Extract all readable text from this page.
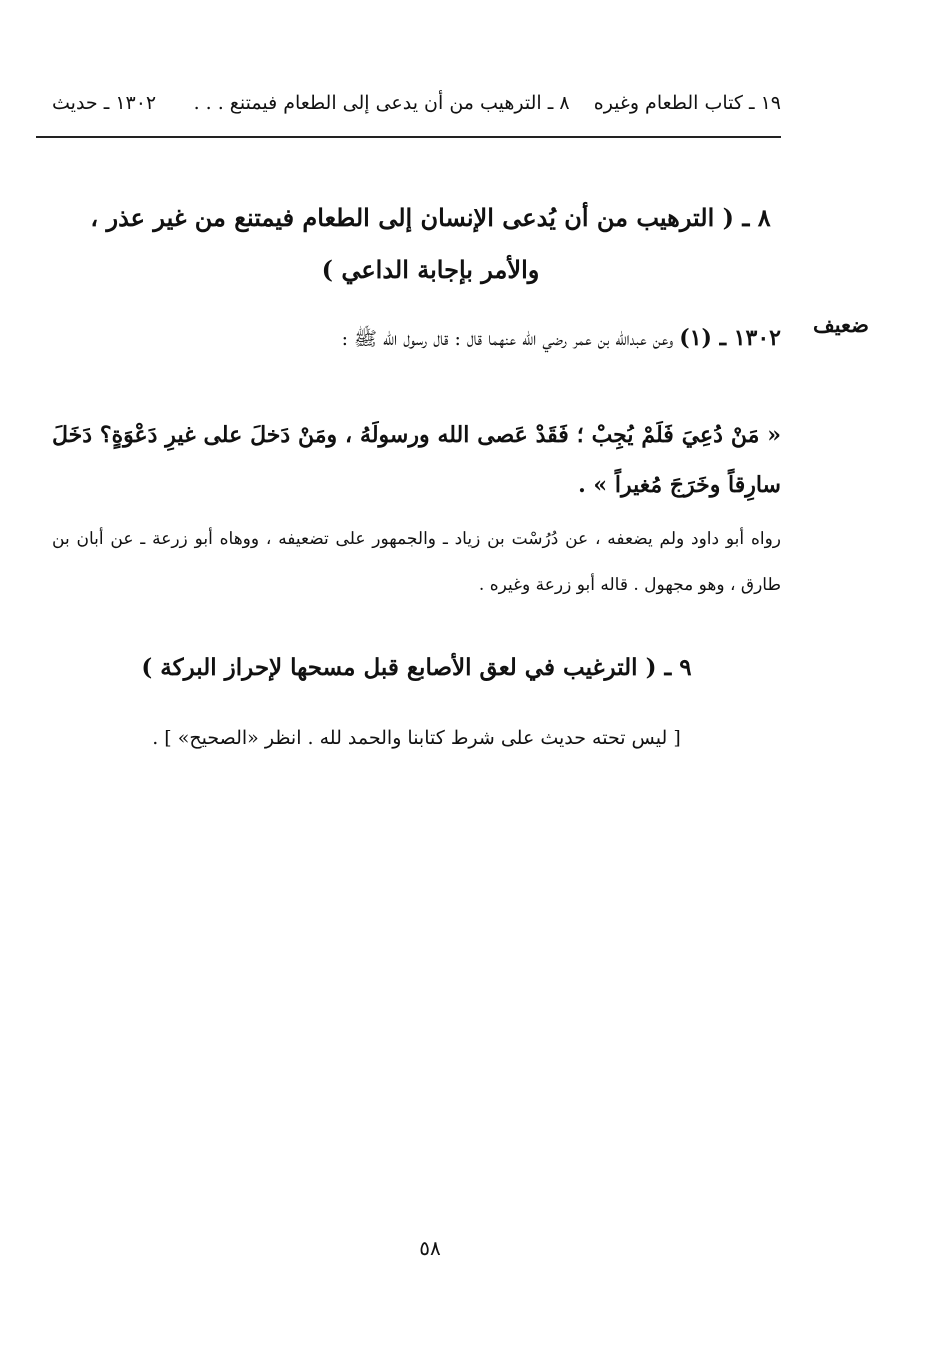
١٩ ـ كتاب الطعام وغيره    ٨ ـ الترهيب من أن يدعى إلى الطعام فيمتنع . . .
١٣٠٢ ـ حديث
٨ ـ ( الترهيب من أن يُدعى الإنسان إلى الطعام فيمتنع من غير عذر ، والأمر بإجابة الداعي )
ضعيف
١٣٠٢ ـ (١) وعن عبدالله بن عمر رضي الله عنهما قال : قال رسول الله ﷺ :
« مَنْ دُعِيَ فَلَمْ يُجِبْ ؛ فَقَدْ عَصى الله ورسولَهُ ، ومَنْ دَخلَ على غيرِ دَعْوَةٍ؟ دَخَلَ سارِقاً وخَرَجَ مُغيراً » .
رواه أبو داود ولم يضعفه ، عن دُرُسْت بن زياد ـ والجمهور على تضعيفه ، ووهاه أبو زرعة ـ عن أبان بن طارق ، وهو مجهول . قاله أبو زرعة وغيره .
٩ ـ ( الترغيب في لعق الأصابع قبل مسحها لإحراز البركة )
[ ليس تحته حديث على شرط كتابنا والحمد لله . انظر «الصحيح» ] .
٥٨
